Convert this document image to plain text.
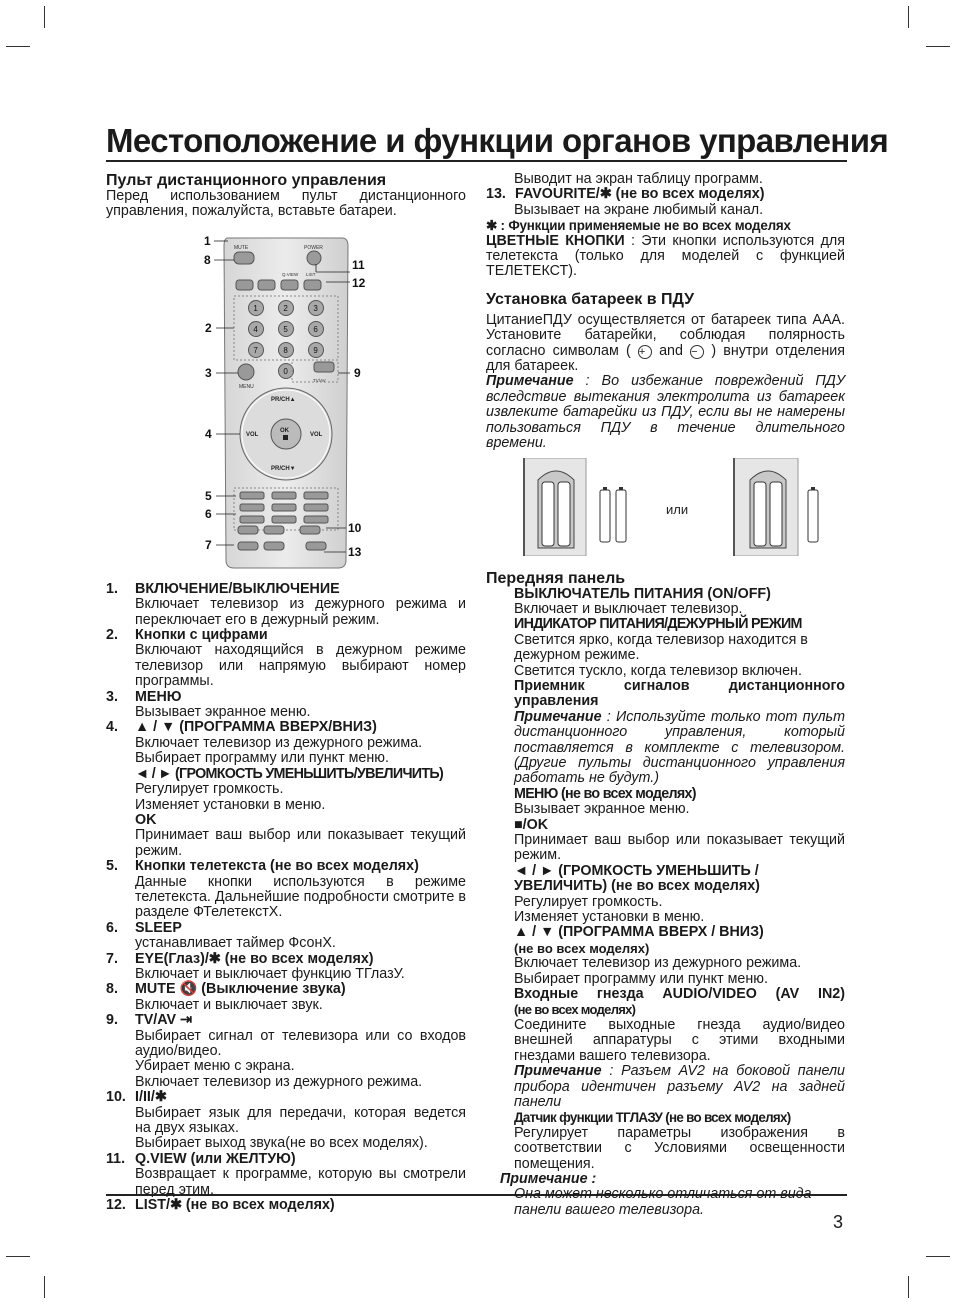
Местоположение и функции органов управления
Пульт дистанционного управления

Перед использованием пульт дистанционного управления, пожалуйста, вставьте батареи.

MUTE	POWER
Q.VIEW LIST
1	2	3
4	5	6
7	8	9
0
MENU
TV/AV
OK
PR/CH▲
PR/CH▼
VOL	VOL
1
8	11
12
2
3	9
4
5
6
10
7	13
1.	ВКЛЮЧЕНИЕ/ВЫКЛЮЧЕНИЕ
Включает телевизор из дежурного режима и переключает его в дежурный режим.
2.	Кнопки с цифрами
Включают находящийся в дежурном режиме телевизор или напрямую выбирают номер программы.
3.	МЕНЮ
Вызывает экранное меню.
4.	▲ / ▼ (ПРОГРАММА ВВЕРХ/ВНИЗ)
Включает телевизор из дежурного режима.
Выбирает программу или пункт меню.
◄ / ► (ГРОМКОСТЬ УМЕНЬШИТЬ/УВЕЛИЧИТЬ)
Регулирует громкость.
Изменяет установки в меню.
OK
Принимает ваш выбор или показывает текущий режим.
5.	Кнопки телетекста (не во всех моделях)
Данные кнопки используются в режиме телетекста. Дальнейшие подробности смотрите в разделе ФТелетекстХ.
6.	SLEEP
устанавливает таймер ФсонХ.
7.	EYE(Глаз)/✱ (не во всех моделях)
Включает и выключает функцию ТГлазУ.
8.	MUTE 🔇 (Выключение звука)
Включает и выключает звук.
9.	TV/AV ⇥
Выбирает сигнал от телевизора или со входов аудио/видео.
Убирает меню с экрана.
Включает телевизор из дежурного режима.
10. I/II/✱
Выбирает язык для передачи, которая ведется на двух языках.
Выбирает выход звука(не во всех моделях).
11. Q.VIEW (или ЖЕЛТУЮ)
Возвращает к программе, которую вы смотрели перед этим.
12. LIST/✱ (не во всех моделях)

Выводит на экран таблицу программ.

13. FAVOURITE/✱ (не во всех моделях)

Вызывает на экране любимый канал.

✱ : Функции применяемые не во всех моделях

ЦВЕТНЫЕ КНОПКИ : Эти кнопки используются для телетекста (только для моделей с функцией ТЕЛЕТЕКСТ).

Установка батареек в ПДУ

ЦитаниеПДУ осуществляется от батареек типа ААА. Установите батарейки, соблюдая полярность согласно символам ( + and − ) внутри отделения для батареек.

Примечание : Во избежание повреждений ПДУ вследствие вытекания электролита из батареек извлеките батарейки из ПДУ, если вы не намерены пользоваться ПДУ в течение длительного времени.

или
Передняя панель

ВЫКЛЮЧАТЕЛЬ ПИТАНИЯ (ON/OFF)

Включает и выключает телевизор.

ИНДИКАТОР ПИТАНИЯ/ДЕЖУРНЫЙ РЕЖИМ

Светится ярко, когда телевизор находится в дежурном режиме.

Светится тускло, когда телевизор включен.

Приемник сигналов дистанционного управления

Примечание : Используйте только тот пульт дистанционного управления, который поставляется в комплекте с телевизором. (Другие пульты дистанционного управления работать не будут.)

МЕНЮ (не во всех моделях)

Вызывает экранное меню.

■/OK

Принимает ваш выбор или показывает текущий режим.

◄ / ► (ГРОМКОСТЬ УМЕНЬШИТЬ / УВЕЛИЧИТЬ) (не во всех моделях)

Регулирует громкость.

Изменяет установки в меню.

▲ / ▼ (ПРОГРАММА ВВЕРХ / ВНИЗ)

(не во всех моделях)

Включает телевизор из дежурного режима.

Выбирает программу или пункт меню.

Входные гнезда AUDIO/VIDEO (AV IN2)

(не во всех моделях)

Соедините выходные гнезда аудио/видео внешней аппаратуры с этими входными гнездами вашего телевизора.

Примечание : Разъем AV2 на боковой панели прибора идентичен разъему AV2 на задней панели

Датчик функции ТГЛАЗУ (не во всех моделях)

Регулирует параметры изображения в соответствии с Условиями освещенности помещения.

Примечание :

Она может несколько отличаться от вида панели вашего телевизора.

3
